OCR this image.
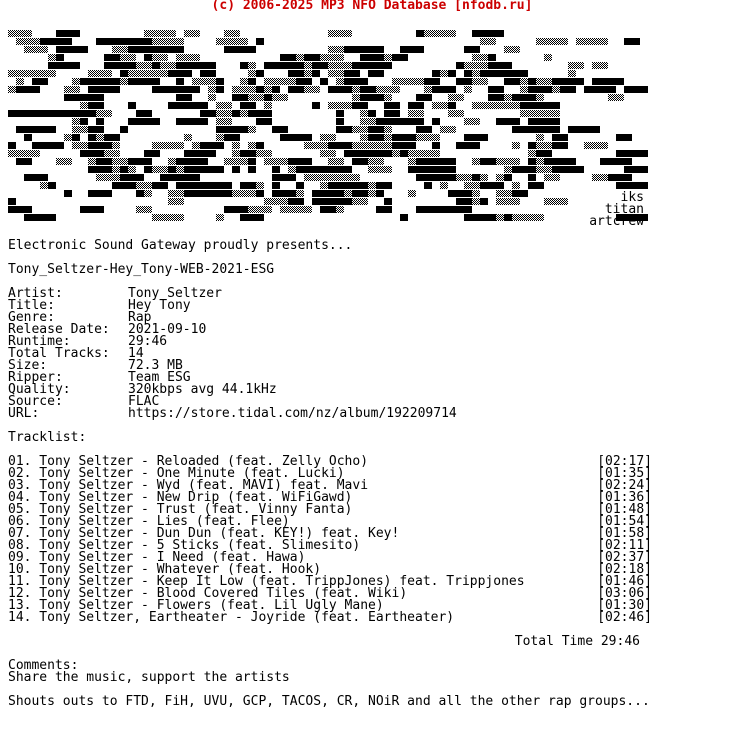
(c) 2006-2025 MP3 NFO Database [nfodb.ru]
iks
titan
artcrew
Electronic Sound Gateway proudly presents...
Tony_Seltzer-Hey_Tony-WEB-2021-ESG
Artist:	Tony Seltzer
Title:	Hey Tony
Genre:	Rap
Release Date: 2021-09-10
Runtime:	29:46
Total Tracks: 14
Size:	72.3 MB
Ripper:	Team ESG
Quality:	320kbps avg 44.1kHz
Source:	FLAC
URL:	https://store.tidal.com/nz/album/192209714
Tracklist:
01. Tony Seltzer - Reloaded (feat. Zelly Ocho)	[02:17]
02. Tony Seltzer - One Minute (feat. Lucki)	[01:35]
03. Tony Seltzer - Wyd (feat. MAVI) feat. Mavi	[02:24]
04. Tony Seltzer - New Drip (feat. WiFiGawd)	[01:36]
05. Tony Seltzer - Trust (feat. Vinny Fanta)	[01:48]
06. Tony Seltzer - Lies (feat. Flee)	[01:54]
07. Tony Seltzer - Dun Dun (feat. KEY!) feat. Key!	[01:58]
08. Tony Seltzer - 5 Sticks (feat. Slimesito)	[02:11]
09. Tony Seltzer - I Need (feat. Hawa)	[02:37]
10. Tony Seltzer - Whatever (feat. Hook)	[02:18]
11. Tony Seltzer - Keep It Low (feat. TrippJones) feat. Trippjones	[01:46]
12. Tony Seltzer - Blood Covered Tiles (feat. Wiki)	[03:06]
13. Tony Seltzer - Flowers (feat. Lil Ugly Mane)	[01:30]
14. Tony Seltzer, Eartheater - Joyride (feat. Eartheater)	[02:46]
Total Time 29:46
Comments:
Share the music, support the artists
Shouts outs to FTD, FiH, UVU, GCP, TACOS, CR, NOiR and all the other rap groups...
